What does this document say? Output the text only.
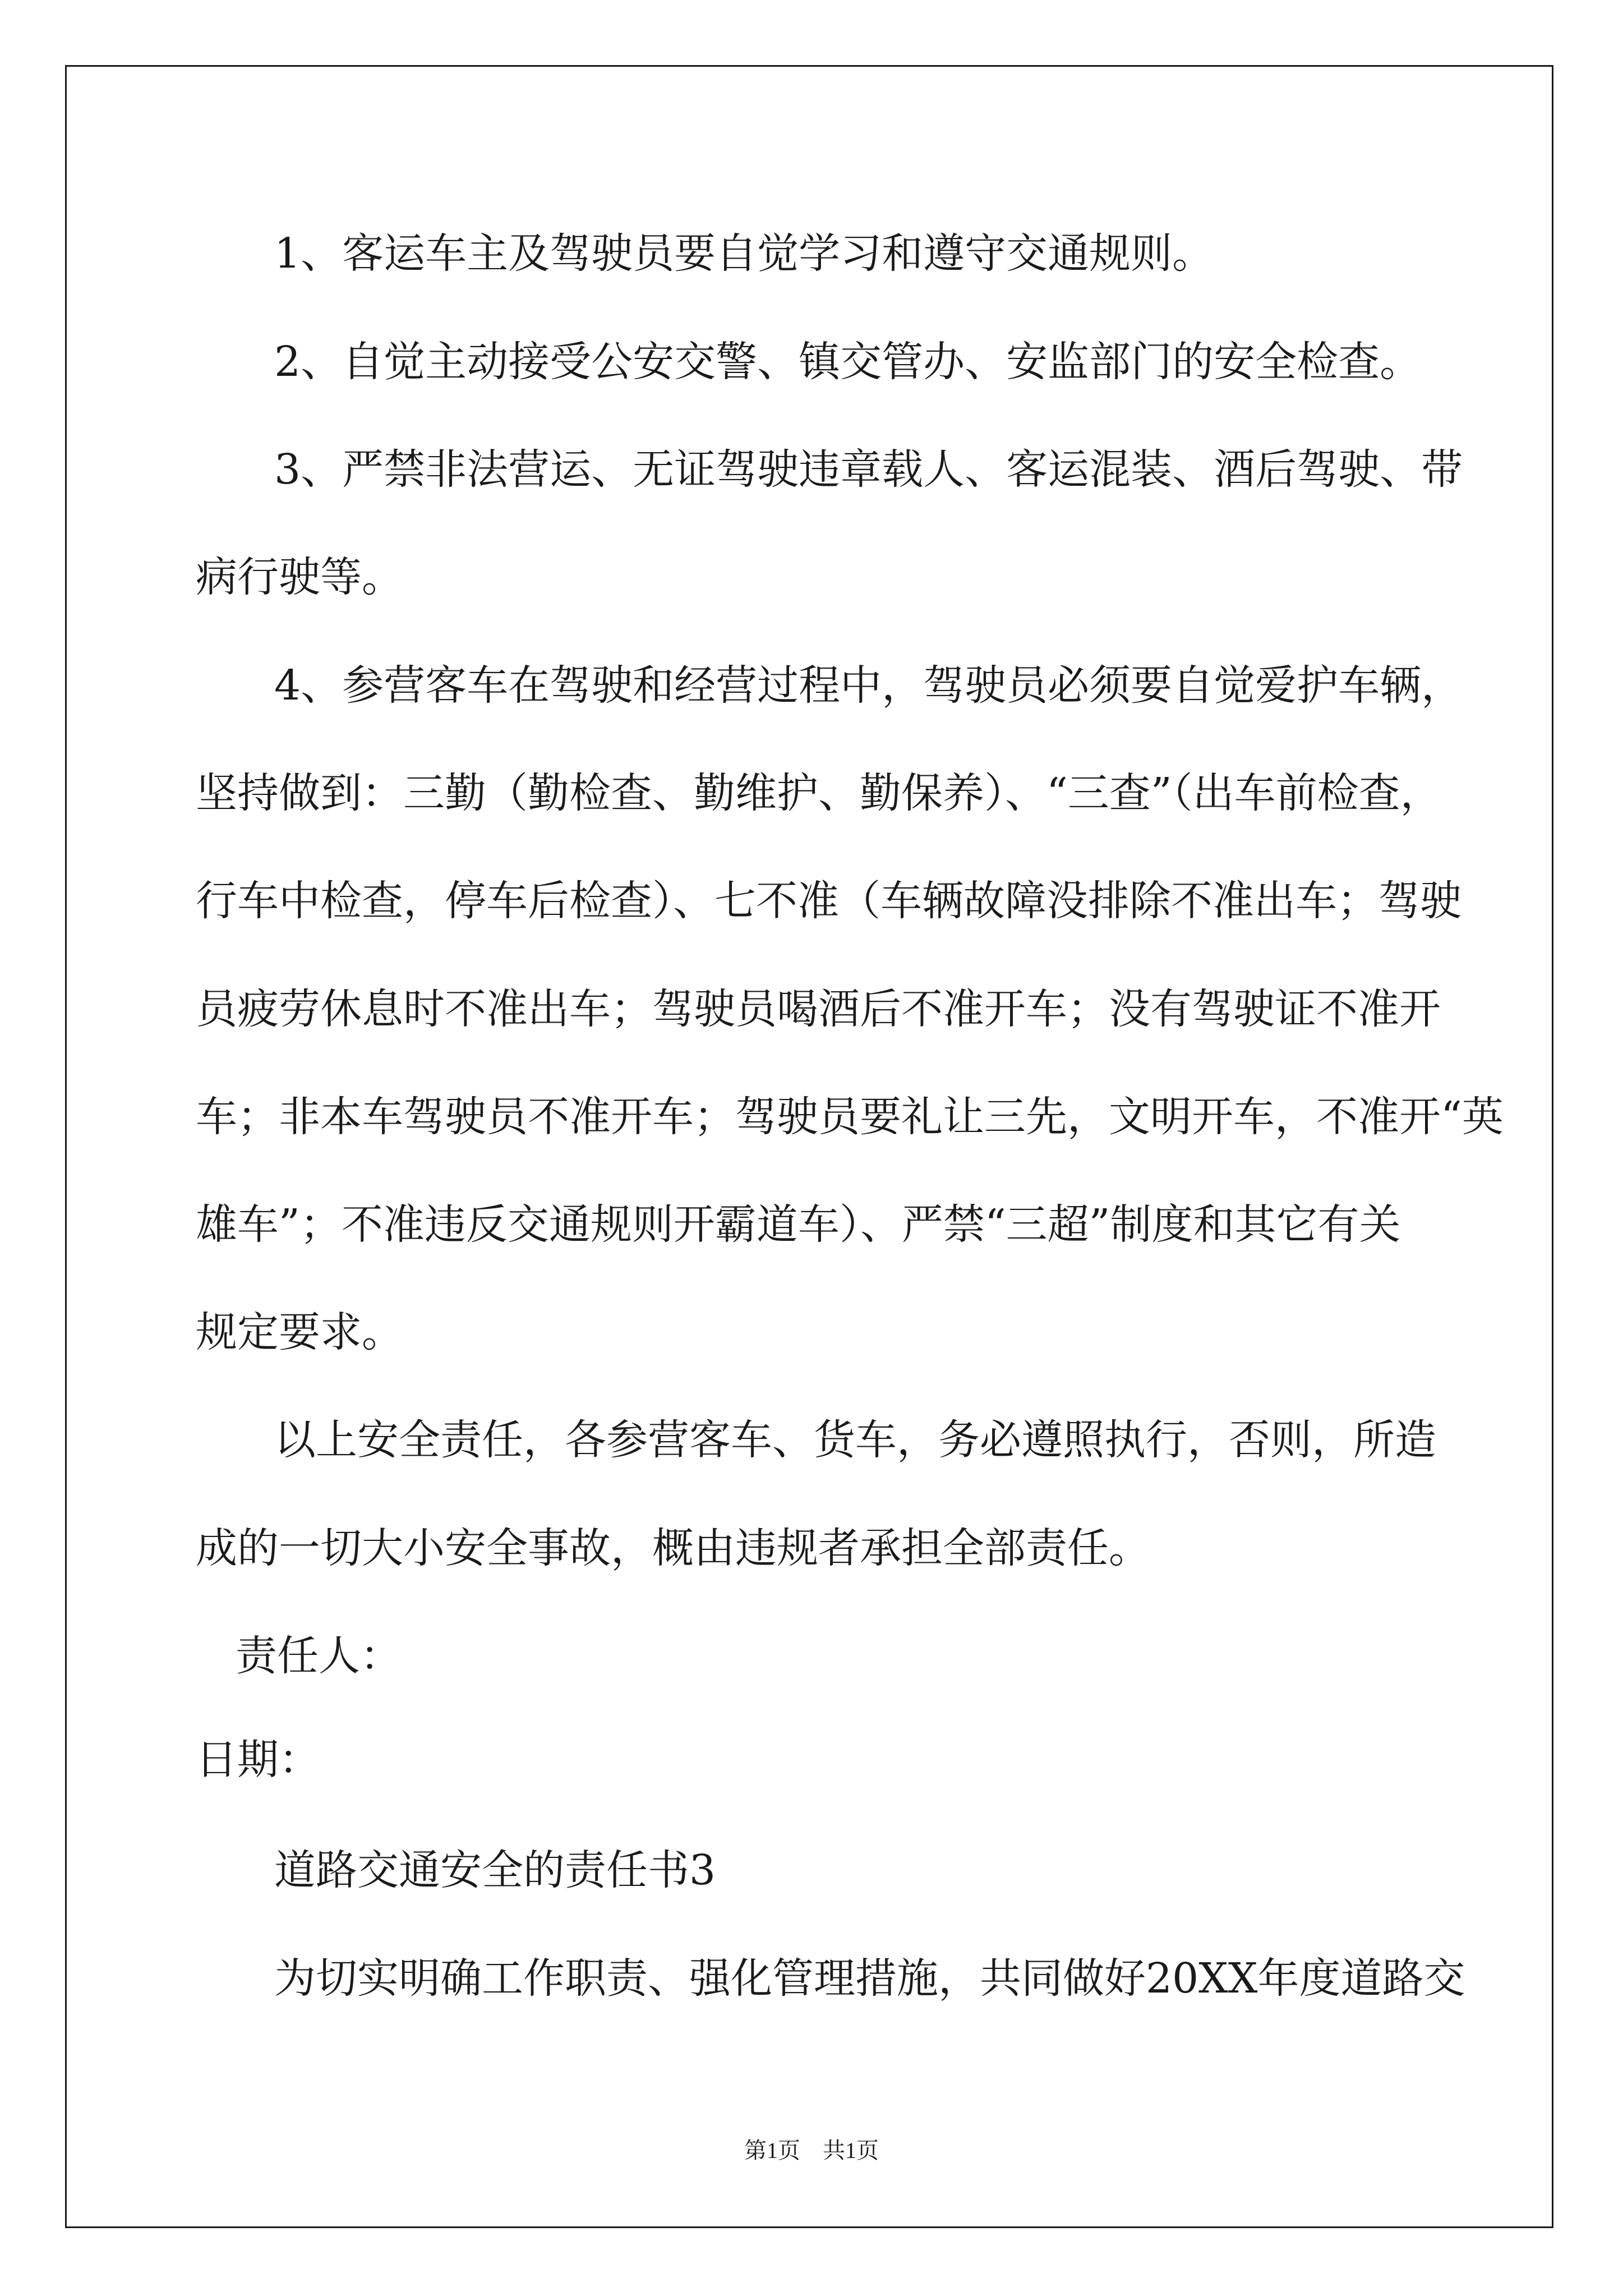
1、客运车主及驾驶员要自觉学习和遵守交通规则。

2、自觉主动接受公安交警、镇交管办、安监部门的安全检查。

3、严禁非法营运、无证驾驶违章载人、客运混装、酒后驾驶、带

病行驶等。

4、参营客车在驾驶和经营过程中，驾驶员必须要自觉爱护车辆，

坚持做到：三勤（勤检查、勤维护、勤保养）、“三查”（出车前检查，

行车中检查，停车后检查）、七不准（车辆故障没排除不准出车；驾驶

员疲劳休息时不准出车；驾驶员喝酒后不准开车；没有驾驶证不准开

车；非本车驾驶员不准开车；驾驶员要礼让三先，文明开车，不准开“英

雄车”；不准违反交通规则开霸道车）、严禁“三超”制度和其它有关

规定要求。

以上安全责任，各参营客车、货车，务必遵照执行，否则，所造

成的一切大小安全事故，概由违规者承担全部责任。

责任人：

日期：

道路交通安全的责任书3

为切实明确工作职责、强化管理措施，共同做好20XX年度道路交

第1页　共1页
